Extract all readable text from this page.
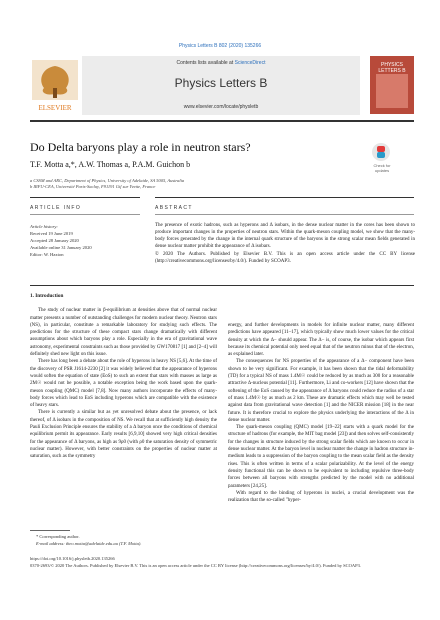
Physics Letters B 802 (2020) 135266
Contents lists available at ScienceDirect
Physics Letters B
www.elsevier.com/locate/physletb
ELSEVIER
PHYSICS LETTERS B
Do Delta baryons play a role in neutron stars?
Check for updates
T.F. Motta a,*, A.W. Thomas a, P.A.M. Guichon b
a CSSM and ARC, Department of Physics, University of Adelaide, SA 5005, Australia
b IRFU-CEA, Université Paris-Saclay, F91191 Gif sur Yvette, France
ARTICLE INFO	ABSTRACT
Article history:
Received 19 June 2019
Accepted 28 January 2020
Available online 31 January 2020
Editor: W. Haxton
The presence of exotic hadrons, such as hyperons and Δ isobars, in the dense nuclear matter in the cores has been shown to produce important changes in the properties of neutron stars. Within the quark-meson coupling model, we show that the many-body forces generated by the change in the internal quark structure of the baryons in the strong scalar mean fields generated in dense nuclear matter prohibit the appearance of Δ isobars.
© 2020 The Authors. Published by Elsevier B.V. This is an open access article under the CC BY license (http://creativecommons.org/licenses/by/4.0/). Funded by SCOAP3.
1. Introduction

The study of nuclear matter in β-equilibrium at densities above that of normal nuclear matter presents a number of outstanding challenges for modern nuclear theory. Neutron stars (NS), in particular, constitute a remarkable laboratory for studying such effects. The predictions for the structure of these compact stars change dramatically with different assumptions about which baryons play a role. Especially in the era of gravitational wave astronomy, experimental constraints such as those provided by GW170817 [1] and [2–4] will definitely shed new light on this issue.

There has long been a debate about the role of hyperons in heavy NS [5,6]. At the time of the discovery of PSR J1614-2230 [2] it was widely believed that the appearance of hyperons would soften the equation of state (EoS) to such an extent that stars with masses as large as 2M☉ would not be possible, a notable exception being the work based upon the quark-meson coupling (QMC) model [7,8]. Now many authors incorporate the effects of many-body forces which lead to EoS including hyperons which are compatible with the existence of heavy stars.

There is currently a similar but as yet unresolved debate about the presence, or lack thereof, of Δ isobars in the composition of NS. We recall that at sufficiently high density the Pauli Exclusion Principle ensures the stability of a Δ baryon once the conditions of chemical equilibrium permit its appearance. Early results [6,9,10] showed very high critical densities for the appearance of Δ baryons, as high as 9ρ0 (with ρ0 the saturation density of symmetric nuclear matter). However, with better constraints on the properties of nuclear matter at saturation, such as the symmetry

energy, and further developments in models for infinite nuclear matter, many different predictions have appeared [11–17], which typically show much lower values for the critical density at which the Δ− should appear. The Δ− is, of course, the isobar which appears first because its chemical potential only need equal that of the neutron minus that of the electron, as explained later.

The consequences for NS properties of the appearance of a Δ− component have been shown to be very significant. For example, it has been shown that the tidal deformability (TD) for a typical NS of mass 1.4M☉ could be reduced by as much as 300 for a reasonable attractive Δ-nucleus potential [11]. Furthermore, Li and co-workers [12] have shown that the softening of the EoS caused by the appearance of Δ baryons could reduce the radius of a star of mass 1.4M☉ by as much as 2 km. These are dramatic effects which may well be tested against data from gravitational wave detection [1] and the NICER mission [18] in the near future. It is therefore crucial to explore the physics underlying the interactions of the Δ in dense nuclear matter.

The quark-meson coupling (QMC) model [19–22] starts with a quark model for the structure of hadrons (for example, the MIT bag model [23]) and then solves self-consistently for the changes in structure induced by the strong scalar fields which are known to occur in dense nuclear matter. At the baryon level in nuclear matter the change in hadron structure in-medium leads to a suppression of the baryon coupling to the mean scalar field as the density rises. This is often written in terms of a scalar polarizability. At the level of the energy density functional this can be shown to be equivalent to including repulsive three-body forces between all baryons with strengths predicted by the model with no additional parameters [24,25].

With regard to the binding of hyperons in nuclei, a crucial development was the realization that the so-called "hyper-

* Corresponding author.
E-mail address: theo.motta@adelaide.edu.au (T.F. Motta).
https://doi.org/10.1016/j.physletb.2020.135266
0370-2693/© 2020 The Authors. Published by Elsevier B.V. This is an open access article under the CC BY license (http://creativecommons.org/licenses/by/4.0/). Funded by SCOAP3.
